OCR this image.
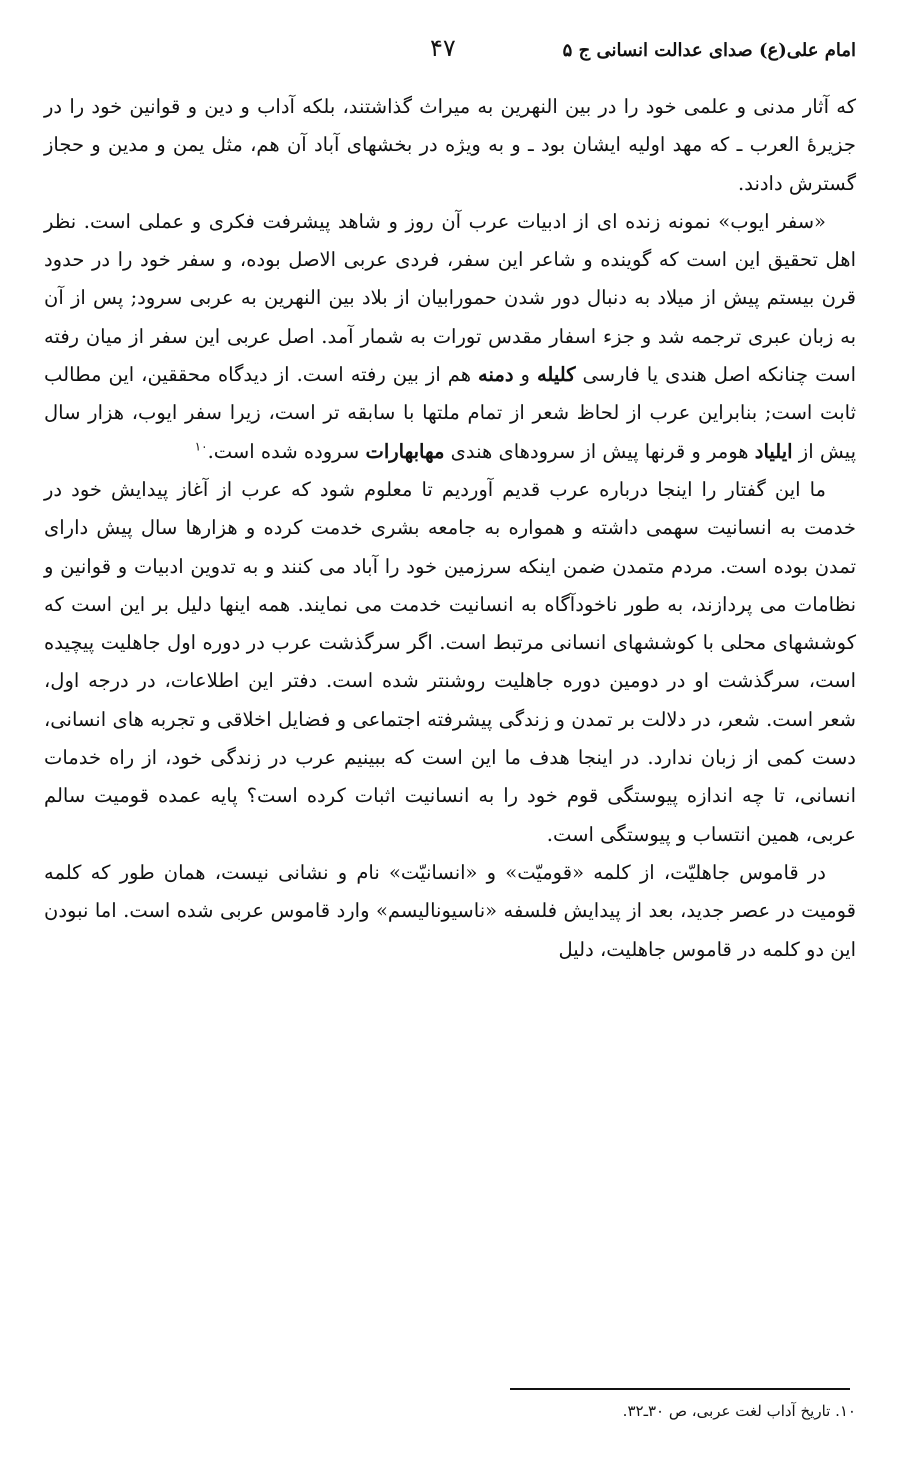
امام علی(ع) صدای عدالت انسانی ج ۵
۴۷

که آثار مدنی و علمی خود را در بین النهرین به میراث گذاشتند، بلکه آداب و دین و قوانین خود را در جزیرهٔ العرب ـ که مهد اولیه ایشان بود ـ و به ویژه در بخشهای آباد آن هم، مثل یمن و مدین و حجاز گسترش دادند.

«سفر ایوب» نمونه زنده ای از ادبیات عرب آن روز و شاهد پیشرفت فکری و عملی است. نظر اهل تحقیق این است که گوینده و شاعر این سفر، فردی عربی الاصل بوده، و سفر خود را در حدود قرن بیستم پیش از میلاد به دنبال دور شدن حمورابیان از بلاد بین النهرین به عربی سرود; پس از آن به زبان عبری ترجمه شد و جزء اسفار مقدس تورات به شمار آمد. اصل عربی این سفر از میان رفته است چنانکه اصل هندی یا فارسی کلیله و دمنه هم از بین رفته است. از دیدگاه محققین، این مطالب ثابت است; بنابراین عرب از لحاظ شعر از تمام ملتها با سابقه تر است، زیرا سفر ایوب، هزار سال پیش از ایلیاد هومر و قرنها پیش از سرودهای هندی مهابهارات سروده شده است.$^{۱۰}$

ما این گفتار را اینجا درباره عرب قدیم آوردیم تا معلوم شود که عرب از آغاز پیدایش خود در خدمت به انسانیت سهمی داشته و همواره به جامعه بشری خدمت کرده و هزارها سال پیش دارای تمدن بوده است. مردم متمدن ضمن اینکه سرزمین خود را آباد می کنند و به تدوین ادبیات و قوانین و نظامات می پردازند، به طور ناخودآگاه به انسانیت خدمت می نمایند. همه اینها دلیل بر این است که کوششهای محلی با کوششهای انسانی مرتبط است. اگر سرگذشت عرب در دوره اول جاهلیت پیچیده است، سرگذشت او در دومین دوره جاهلیت روشنتر شده است. دفتر این اطلاعات، در درجه اول، شعر است. شعر، در دلالت بر تمدن و زندگی پیشرفته اجتماعی و فضایل اخلاقی و تجربه های انسانی، دست کمی از زبان ندارد. در اینجا هدف ما این است که ببینیم عرب در زندگی خود، از راه خدمات انسانی، تا چه اندازه پیوستگی قوم خود را به انسانیت اثبات کرده است؟ پایه عمده قومیت سالم عربی، همین انتساب و پیوستگی است.

در قاموس جاهلیّت، از کلمه «قومیّت» و «انسانیّت» نام و نشانی نیست، همان طور که کلمه قومیت در عصر جدید، بعد از پیدایش فلسفه «ناسیونالیسم» وارد قاموس عربی شده است. اما نبودن این دو کلمه در قاموس جاهلیت، دلیل

۱۰. تاریخ آداب لغت عربی، ص ۳۰ـ۳۲.
